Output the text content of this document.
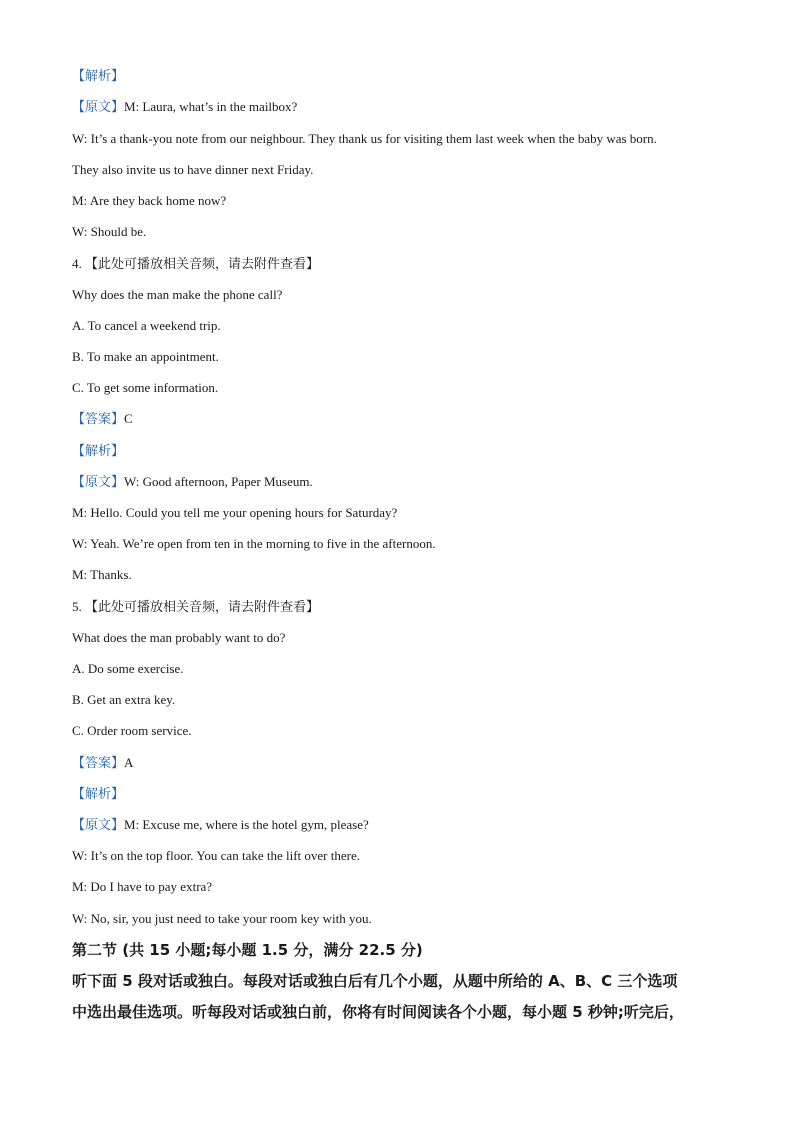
【解析】
【原文】M: Laura, what’s in the mailbox?
W: It’s a thank-you note from our neighbour. They thank us for visiting them last week when the baby was born.
They also invite us to have dinner next Friday.
M: Are they back home now?
W: Should be.
4. 【此处可播放相关音频，请去附件查看】
Why does the man make the phone call?
A. To cancel a weekend trip.
B. To make an appointment.
C. To get some information.
【答案】C
【解析】
【原文】W: Good afternoon, Paper Museum.
M: Hello. Could you tell me your opening hours for Saturday?
W: Yeah. We’re open from ten in the morning to five in the afternoon.
M: Thanks.
5. 【此处可播放相关音频，请去附件查看】
What does the man probably want to do?
A. Do some exercise.
B. Get an extra key.
C. Order room service.
【答案】A
【解析】
【原文】M: Excuse me, where is the hotel gym, please?
W: It’s on the top floor. You can take the lift over there.
M: Do I have to pay extra?
W: No, sir, you just need to take your room key with you.
第二节 (共 15 小题;每小题 1.5 分，满分 22.5 分)
听下面 5 段对话或独白。每段对话或独白后有几个小题，从题中所给的 A、B、C 三个选项
中选出最佳选项。听每段对话或独白前，你将有时间阅读各个小题，每小题 5 秒钟;听完后，
